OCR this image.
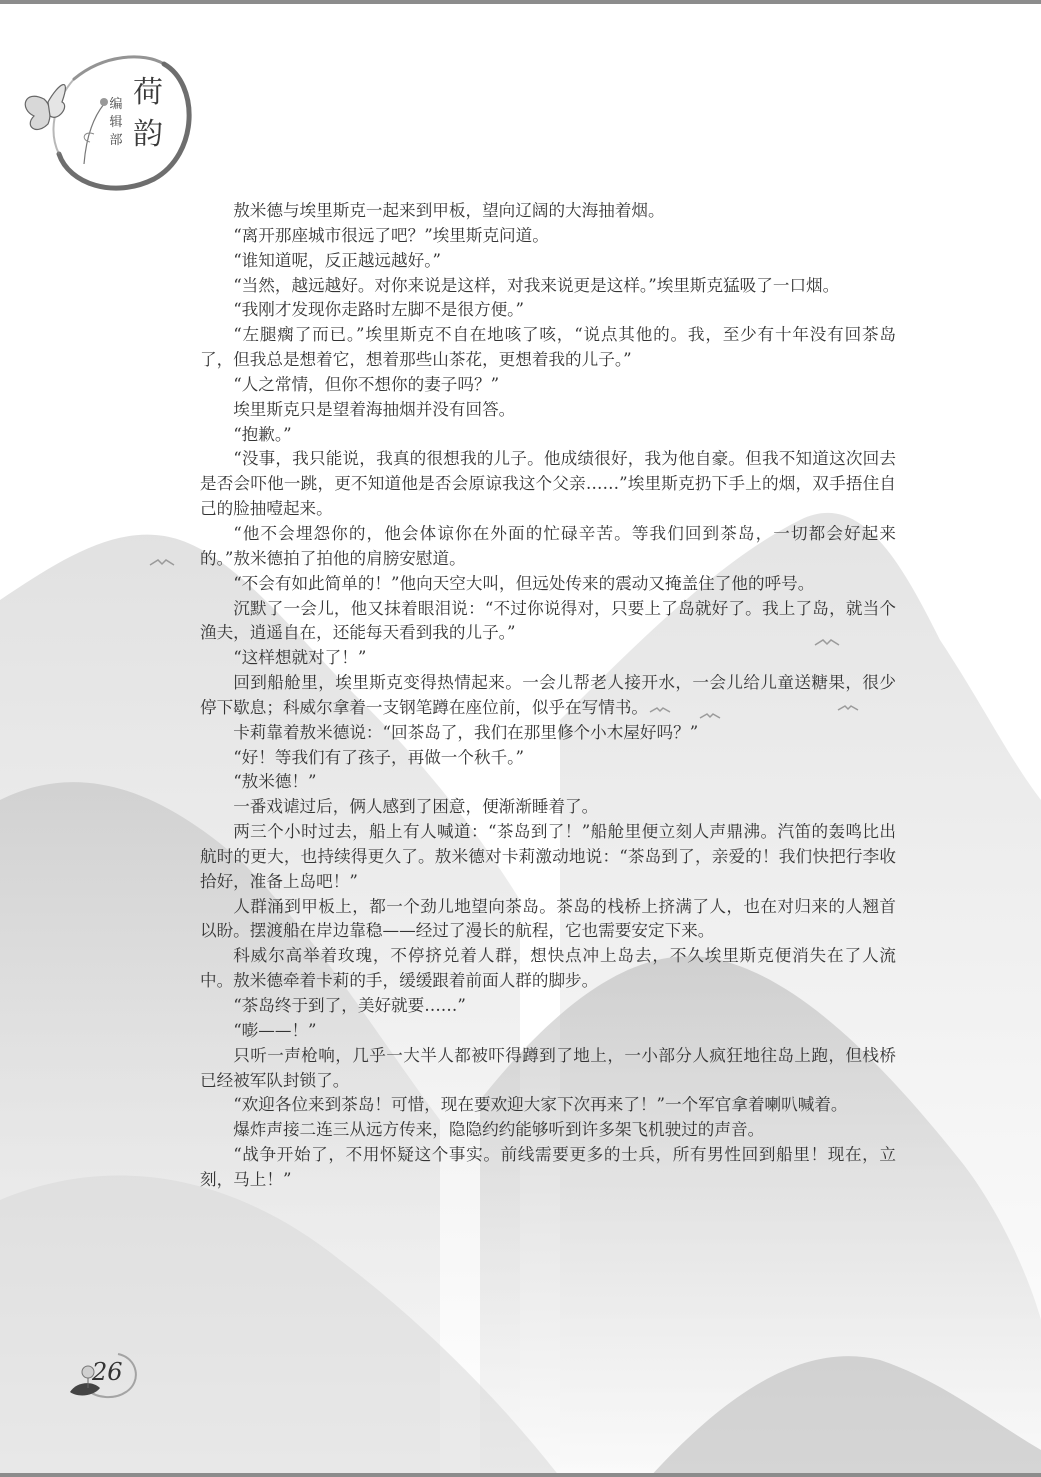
荷韵
编辑部

敖米德与埃里斯克一起来到甲板，望向辽阔的大海抽着烟。

“离开那座城市很远了吧？”埃里斯克问道。

“谁知道呢，反正越远越好。”

“当然，越远越好。对你来说是这样，对我来说更是这样。”埃里斯克猛吸了一口烟。

“我刚才发现你走路时左脚不是很方便。”

“左腿瘸了而已。”埃里斯克不自在地咳了咳，“说点其他的。我，至少有十年没有回茶岛了，但我总是想着它，想着那些山茶花，更想着我的儿子。”

“人之常情，但你不想你的妻子吗？”

埃里斯克只是望着海抽烟并没有回答。

“抱歉。”

“没事，我只能说，我真的很想我的儿子。他成绩很好，我为他自豪。但我不知道这次回去是否会吓他一跳，更不知道他是否会原谅我这个父亲……”埃里斯克扔下手上的烟，双手捂住自己的脸抽噎起来。

“他不会埋怨你的，他会体谅你在外面的忙碌辛苦。等我们回到茶岛，一切都会好起来的。”敖米德拍了拍他的肩膀安慰道。

“不会有如此简单的！”他向天空大叫，但远处传来的震动又掩盖住了他的呼号。

沉默了一会儿，他又抹着眼泪说：“不过你说得对，只要上了岛就好了。我上了岛，就当个渔夫，逍遥自在，还能每天看到我的儿子。”

“这样想就对了！”

回到船舱里，埃里斯克变得热情起来。一会儿帮老人接开水，一会儿给儿童送糖果，很少停下歇息；科威尔拿着一支钢笔蹲在座位前，似乎在写情书。

卡莉靠着敖米德说：“回茶岛了，我们在那里修个小木屋好吗？”

“好！等我们有了孩子，再做一个秋千。”

“敖米德！”

一番戏谑过后，俩人感到了困意，便渐渐睡着了。

两三个小时过去，船上有人喊道：“茶岛到了！”船舱里便立刻人声鼎沸。汽笛的轰鸣比出航时的更大，也持续得更久了。敖米德对卡莉激动地说：“茶岛到了，亲爱的！我们快把行李收拾好，准备上岛吧！”

人群涌到甲板上，都一个劲儿地望向茶岛。茶岛的栈桥上挤满了人，也在对归来的人翘首以盼。摆渡船在岸边靠稳——经过了漫长的航程，它也需要安定下来。

科威尔高举着玫瑰，不停挤兑着人群，想快点冲上岛去，不久埃里斯克便消失在了人流中。敖米德牵着卡莉的手，缓缓跟着前面人群的脚步。

“茶岛终于到了，美好就要……”

“嘭——！”

只听一声枪响，几乎一大半人都被吓得蹲到了地上，一小部分人疯狂地往岛上跑，但栈桥已经被军队封锁了。

“欢迎各位来到茶岛！可惜，现在要欢迎大家下次再来了！”一个军官拿着喇叭喊着。

爆炸声接二连三从远方传来，隐隐约约能够听到许多架飞机驶过的声音。

“战争开始了，不用怀疑这个事实。前线需要更多的士兵，所有男性回到船里！现在，立刻，马上！”

26
